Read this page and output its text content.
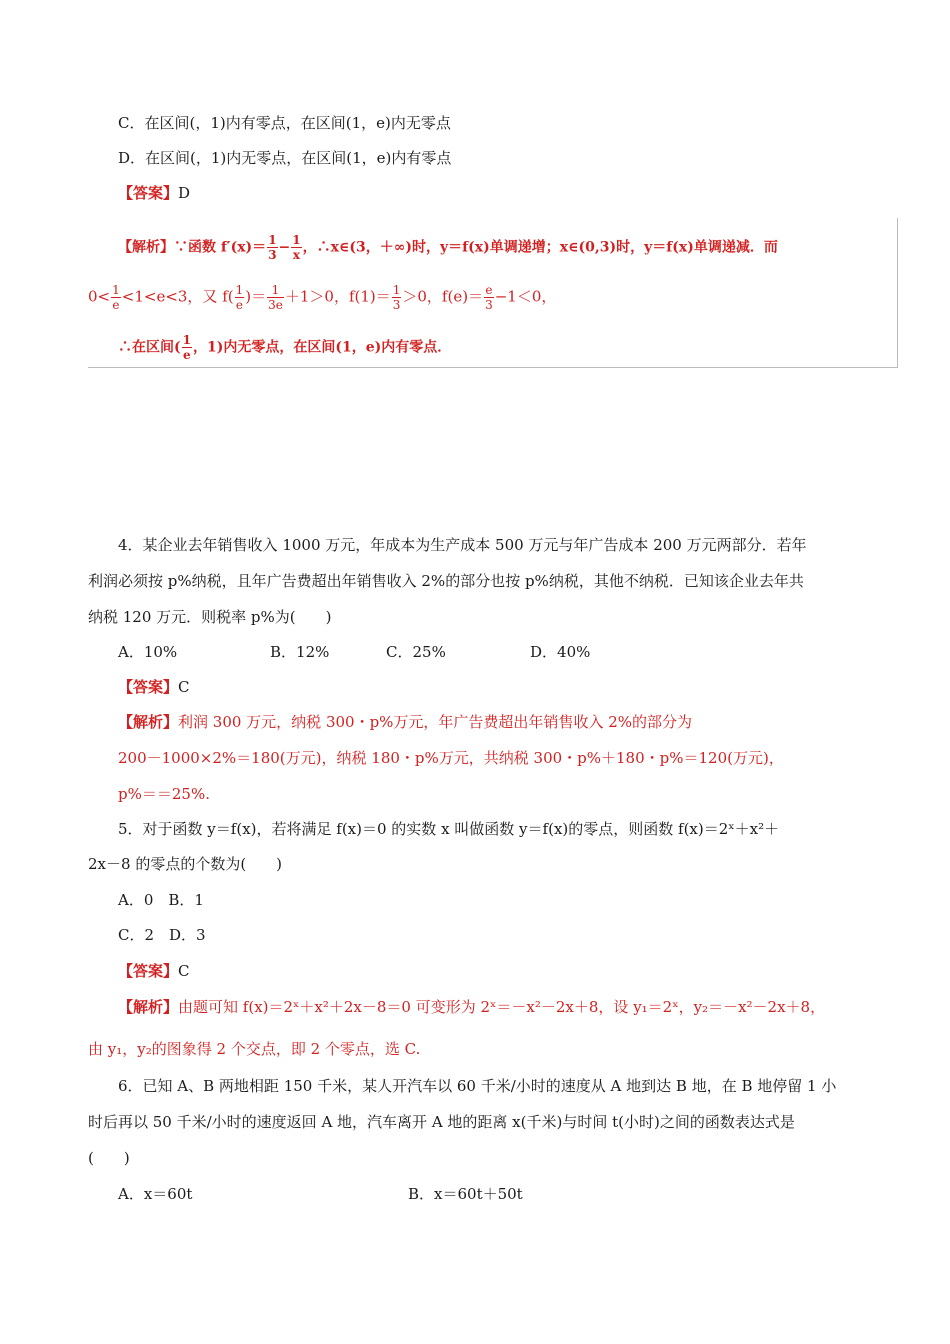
C．在区间(，1)内有零点，在区间(1，e)内无零点
D．在区间(，1)内无零点，在区间(1，e)内有零点
【答案】D
【解析】∵函数 $f'(x)= \frac{1}{3} - \frac{1}{x}$ ，∴x∈(3，＋∞)时，y＝f(x)单调递增；x∈(0,3)时，y＝f(x)单调递减．而
$0< \frac{1}{e} <1<e<3$，又 $f( \frac{1}{e}$ )＝ $\frac{1}{3e} +1>0$，$f(1)= \frac{1}{3} >0$，$f(e)= \frac{e}{3} -1<0$，
∴在区间( $\frac{1}{e}$ ，1)内无零点，在区间(1，e)内有零点．
4．某企业去年销售收入 1000 万元，年成本为生产成本 500 万元与年广告成本 200 万元两部分．若年
利润必须按 p%纳税，且年广告费超出年销售收入 2%的部分也按 p%纳税，其他不纳税．已知该企业去年共
纳税 120 万元．则税率 p%为(　　)
A．10%	B．12%	C．25%	D．40%
【答案】C
【解析】利润 300 万元，纳税 300・p%万元，年广告费超出年销售收入 2%的部分为
200－1000×2%＝180(万元)，纳税 180・p%万元，共纳税 300・p%＋180・p%＝120(万元)，
p%＝＝25%.
5．对于函数 y＝f(x)，若将满足 f(x)＝0 的实数 x 叫做函数 y＝f(x)的零点，则函数 f(x)＝2ˣ＋x²＋
2x－8 的零点的个数为(　　)
A．0　B．1
C．2　D．3
【答案】C
【解析】由题可知 f(x)＝2ˣ＋x²＋2x－8＝0 可变形为 2ˣ＝－x²－2x＋8，设 y₁＝2ˣ，y₂＝－x²－2x＋8，
由 y₁，y₂的图象得 2 个交点，即 2 个零点，选 C.
6．已知 A、B 两地相距 150 千米，某人开汽车以 60 千米/小时的速度从 A 地到达 B 地，在 B 地停留 1 小
时后再以 50 千米/小时的速度返回 A 地，汽车离开 A 地的距离 x(千米)与时间 t(小时)之间的函数表达式是
(　　)
A．x＝60t	B．x＝60t＋50t
